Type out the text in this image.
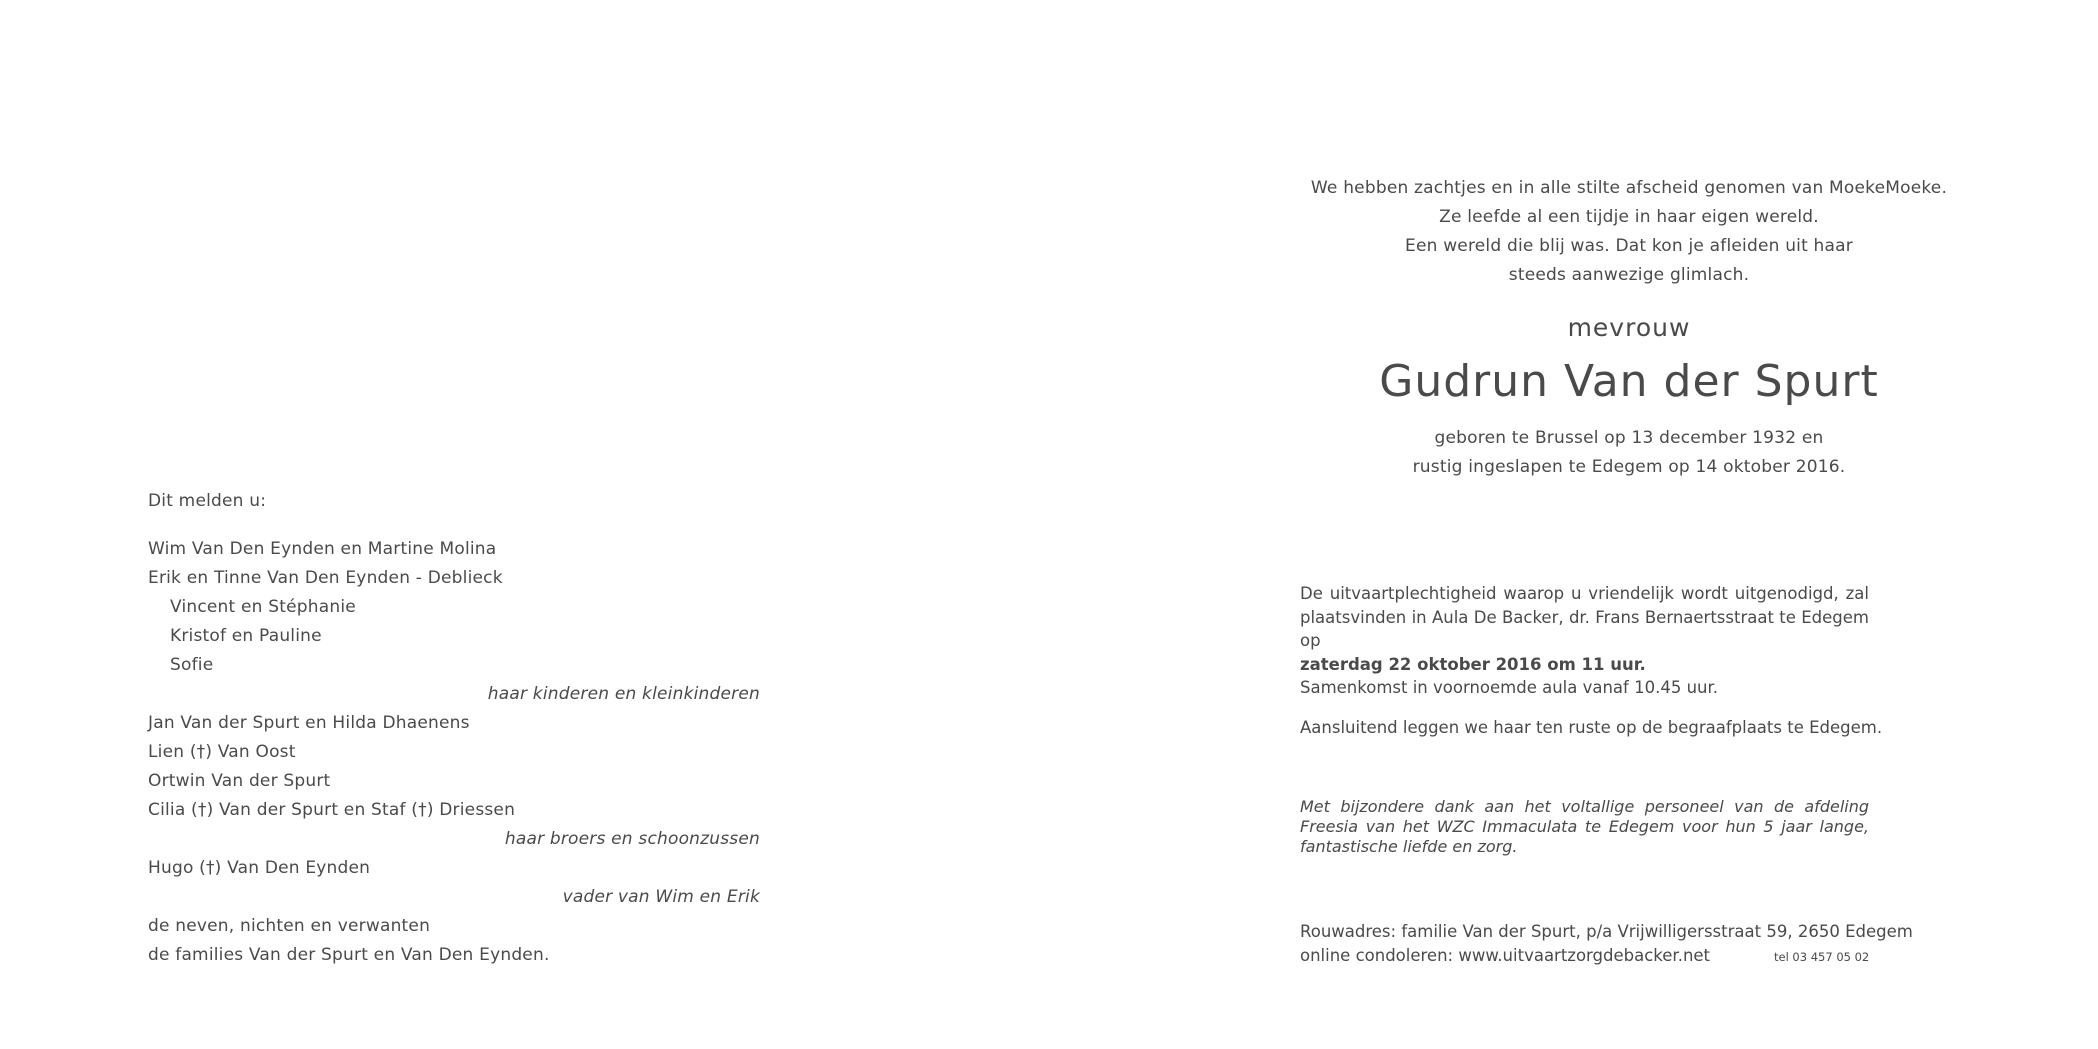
Dit melden u:
Wim Van Den Eynden en Martine Molina
Erik en Tinne Van Den Eynden - Deblieck
Vincent en Stéphanie
Kristof en Pauline
Sofie
haar kinderen en kleinkinderen
Jan Van der Spurt en Hilda Dhaenens
Lien (†) Van Oost
Ortwin Van der Spurt
Cilia (†) Van der Spurt en Staf (†) Driessen
haar broers en schoonzussen
Hugo (†) Van Den Eynden
vader van Wim en Erik
de neven, nichten en verwanten
de families Van der Spurt en Van Den Eynden.
We hebben zachtjes en in alle stilte afscheid genomen van MoekeMoeke.
Ze leefde al een tijdje in haar eigen wereld.
Een wereld die blij was. Dat kon je afleiden uit haar
steeds aanwezige glimlach.
mevrouw
Gudrun Van der Spurt
geboren te Brussel op 13 december 1932 en
rustig ingeslapen te Edegem op 14 oktober 2016.
De uitvaartplechtigheid waarop u vriendelijk wordt uitgenodigd, zal plaatsvinden in Aula De Backer, dr. Frans Bernaertsstraat te Edegem op
zaterdag 22 oktober 2016 om 11 uur.
Samenkomst in voornoemde aula vanaf 10.45 uur.
Aansluitend leggen we haar ten ruste op de begraafplaats te Edegem.
Met bijzondere dank aan het voltallige personeel van de afdeling Freesia van het WZC Immaculata te Edegem voor hun 5 jaar lange, fantastische liefde en zorg.
Rouwadres: familie Van der Spurt, p/a Vrijwilligersstraat 59, 2650 Edegem
online condoleren: www.uitvaartzorgdebacker.net	tel 03 457 05 02
